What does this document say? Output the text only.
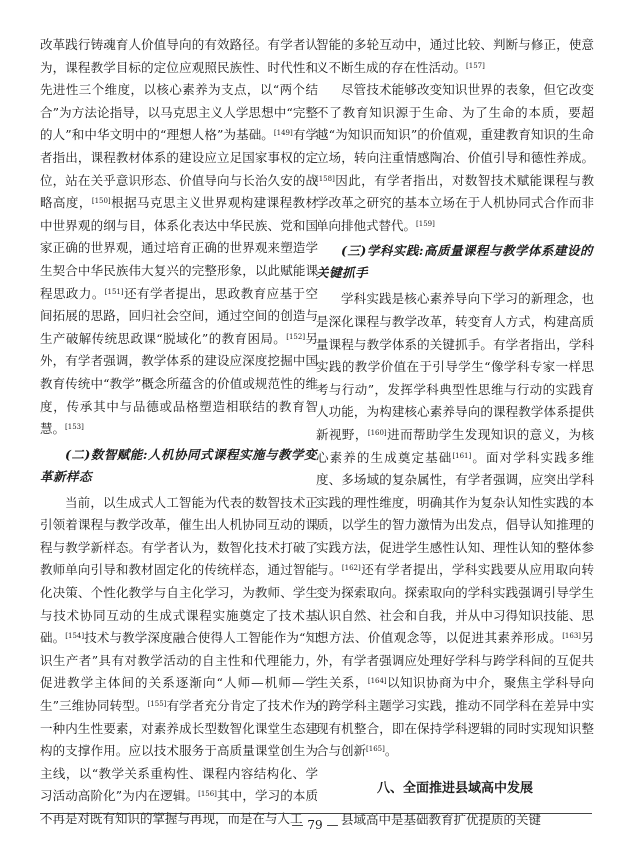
改革践行铸魂育人价值导向的有效路径。有学者认为，课程教学目标的定位应观照民族性、时代性和先进性三个维度，以核心素养为支点，以“两个结合”为方法论指导，以马克思主义人学思想中“完整的人”和中华文明中的“理想人格”为基础。[149]有学者指出，课程教材体系的建设应立足国家事权的定位，站在关乎意识形态、价值导向与长治久安的战略高度，[150]根据马克思主义世界观构建课程教材中世界观的纲与目，体系化表达中华民族、党和国家正确的世界观，通过培育正确的世界观来塑造学生契合中华民族伟大复兴的完整形象，以此赋能课程思政力。[151]还有学者提出，思政教育应基于空间拓展的思路，回归社会空间，通过空间的创造与生产破解传统思政课“脱域化”的教育困局。[152]另外，有学者强调，教学体系的建设应深度挖掘中国教育传统中“教学”概念所蕴含的价值或规范性的维度，传承其中与品德或品格塑造相联结的教育智慧。[153]

(二)数智赋能:人机协同式课程实施与教学变革新样态

当前，以生成式人工智能为代表的数智技术正引领着课程与教学改革，催生出人机协同互动的课程与教学新样态。有学者认为，数智化技术打破了教师单向引导和教材固定化的传统样态，通过智能化决策、个性化教学与自主化学习，为教师、学生与技术协同互动的生成式课程实施奠定了技术基础。[154]技术与教学深度融合使得人工智能作为“知识生产者”具有对教学活动的自主性和代理能力，促进教学主体间的关系逐渐向“人师—机师—学生”三维协同转型。[155]有学者充分肯定了技术作为一种内生性要素，对素养成长型数智化课堂生态建构的支撑作用。应以技术服务于高质量课堂创生为主线，以“教学关系重构性、课程内容结构化、学习活动高阶化”为内在逻辑。[156]其中，学习的本质不再是对既有知识的掌握与再现，而是在与人工

智能的多轮互动中，通过比较、判断与修正，使意义不断生成的存在性活动。[157]

尽管技术能够改变知识世界的表象，但它改变不了教育知识源于生命、为了生命的本质，要超越“为知识而知识”的价值观，重建教育知识的生命立场，转向注重情感陶冶、价值引导和德性养成。[158]因此，有学者指出，对数智技术赋能课程与教学改革之研究的基本立场在于人机协同式合作而非单向排他式替代。[159]

(三)学科实践:高质量课程与教学体系建设的关键抓手

学科实践是核心素养导向下学习的新理念，也是深化课程与教学改革，转变育人方式，构建高质量课程与教学体系的关键抓手。有学者指出，学科实践的教学价值在于引导学生“像学科专家一样思考与行动”，发挥学科典型性思维与行动的实践育人功能，为构建核心素养导向的课程教学体系提供新视野，[160]进而帮助学生发现知识的意义，为核心素养的生成奠定基础[161]。面对学科实践多维度、多场域的复杂属性，有学者强调，应突出学科实践的理性维度，明确其作为复杂认知性实践的本质，以学生的智力激情为出发点，倡导认知推理的实践方法，促进学生感性认知、理性认知的整体参与。[162]还有学者提出，学科实践要从应用取向转变为探索取向。探索取向的学科实践强调引导学生认识自然、社会和自我，并从中习得知识技能、思想方法、价值观念等，以促进其素养形成。[163]另外，有学者强调应处理好学科与跨学科间的互促共生关系，[164]以知识协商为中介，聚焦主学科导向的跨学科主题学习实践，推动不同学科在差异中实现有机整合，即在保持学科逻辑的同时实现知识整合与创新[165]。

八、全面推进县域高中发展

县域高中是基础教育扩优提质的关键

— 79 —
